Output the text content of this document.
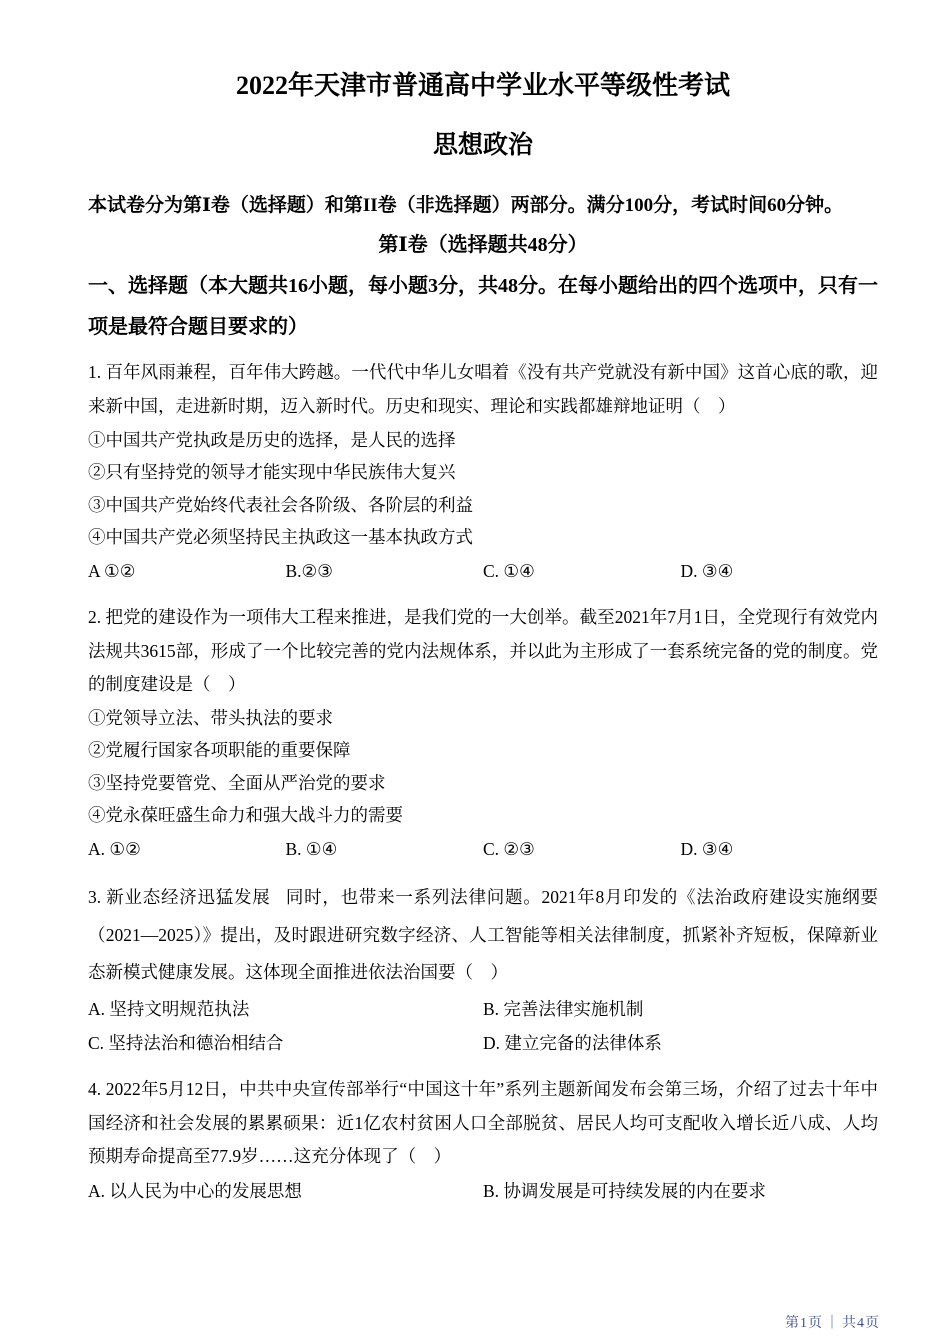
2022年天津市普通高中学业水平等级性考试
思想政治

本试卷分为第Ⅰ卷（选择题）和第II卷（非选择题）两部分。满分100分，考试时间60分钟。

第Ⅰ卷（选择题共48分）

一、选择题（本大题共16小题，每小题3分，共48分。在每小题给出的四个选项中，只有一项是最符合题目要求的）

1. 百年风雨兼程，百年伟大跨越。一代代中华儿女唱着《没有共产党就没有新中国》这首心底的歌，迎来新中国，走进新时期，迈入新时代。历史和现实、理论和实践都雄辩地证明（    ）

①中国共产党执政是历史的选择，是人民的选择

②只有坚持党的领导才能实现中华民族伟大复兴

③中国共产党始终代表社会各阶级、各阶层的利益

④中国共产党必须坚持民主执政这一基本执政方式

A ①②	B.②③	C. ①④	D. ③④

2. 把党的建设作为一项伟大工程来推进，是我们党的一大创举。截至2021年7月1日，全党现行有效党内法规共3615部，形成了一个比较完善的党内法规体系，并以此为主形成了一套系统完备的党的制度。党的制度建设是（    ）

①党领导立法、带头执法的要求

②党履行国家各项职能的重要保障

③坚持党要管党、全面从严治党的要求

④党永葆旺盛生命力和强大战斗力的需要

A. ①②	B. ①④	C. ②③	D. ③④

3. 新业态经济迅猛发展   同时，也带来一系列法律问题。2021年8月印发的《法治政府建设实施纲要（2021—2025）》提出，及时跟进研究数字经济、人工智能等相关法律制度，抓紧补齐短板，保障新业态新模式健康发展。这体现全面推进依法治国要（    ）

A. 坚持文明规范执法	B. 完善法律实施机制
C. 坚持法治和德治相结合	D. 建立完备的法律体系

4. 2022年5月12日，中共中央宣传部举行“中国这十年”系列主题新闻发布会第三场，介绍了过去十年中国经济和社会发展的累累硕果：近1亿农村贫困人口全部脱贫、居民人均可支配收入增长近八成、人均预期寿命提高至77.9岁……这充分体现了（    ）

A. 以人民为中心的发展思想	B. 协调发展是可持续发展的内在要求
第1页 ｜ 共4页
